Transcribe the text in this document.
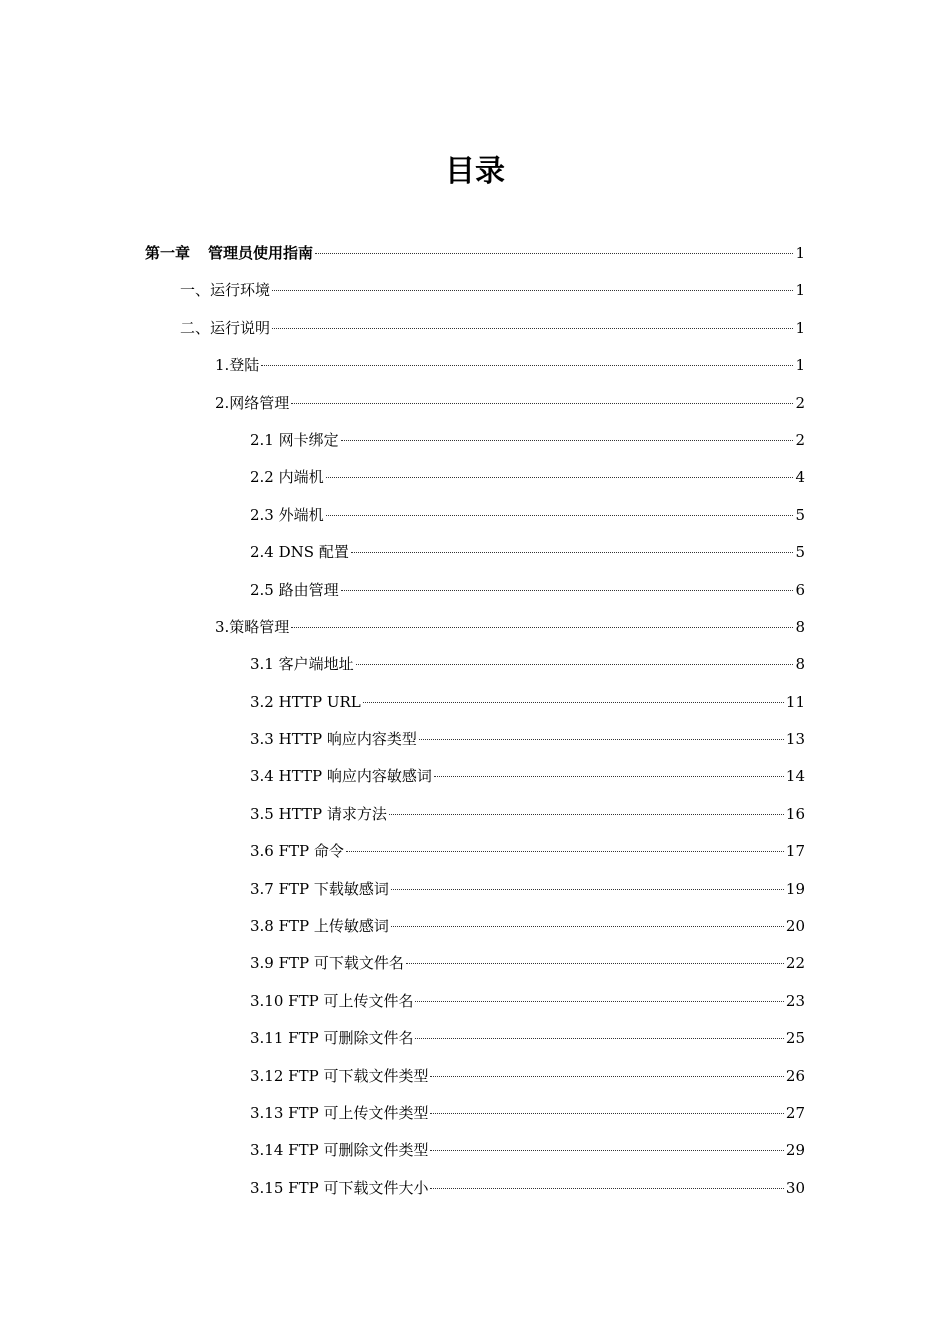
目录
第一章 管理员使用指南	1
一、运行环境	1
二、运行说明	1
1.登陆	1
2.网络管理	2
2.1 网卡绑定	2
2.2 内端机	4
2.3 外端机	5
2.4 DNS 配置	5
2.5 路由管理	6
3.策略管理	8
3.1 客户端地址	8
3.2 HTTP URL	11
3.3 HTTP 响应内容类型	13
3.4 HTTP 响应内容敏感词	14
3.5 HTTP 请求方法	16
3.6 FTP 命令	17
3.7 FTP 下载敏感词	19
3.8 FTP 上传敏感词	20
3.9 FTP 可下载文件名	22
3.10 FTP 可上传文件名	23
3.11 FTP 可删除文件名	25
3.12 FTP 可下载文件类型	26
3.13 FTP 可上传文件类型	27
3.14 FTP 可删除文件类型	29
3.15 FTP 可下载文件大小	30
